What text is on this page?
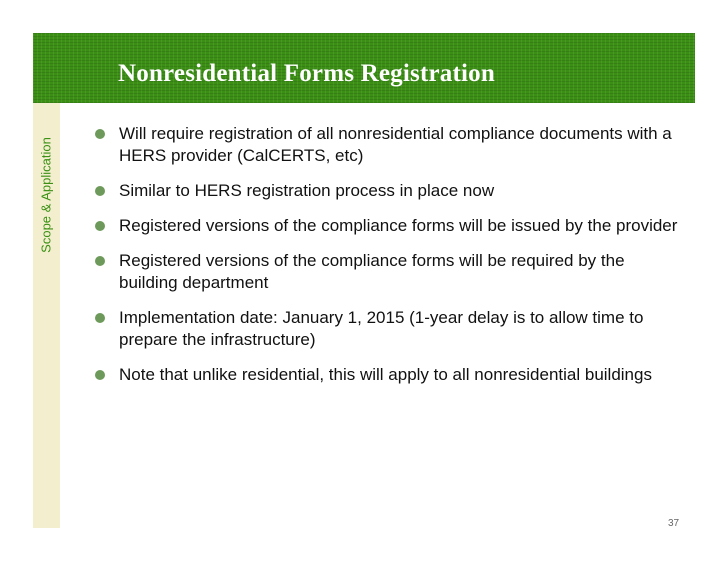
Nonresidential Forms Registration
Scope & Application
Will require registration of all nonresidential compliance documents with a HERS provider (CalCERTS, etc)
Similar to HERS registration process in place now
Registered versions of the compliance forms will be issued by the provider
Registered versions of the compliance forms will be required by the building department
Implementation date: January 1, 2015 (1-year delay is to allow time to prepare the infrastructure)
Note that unlike residential, this will apply to all nonresidential buildings
37
